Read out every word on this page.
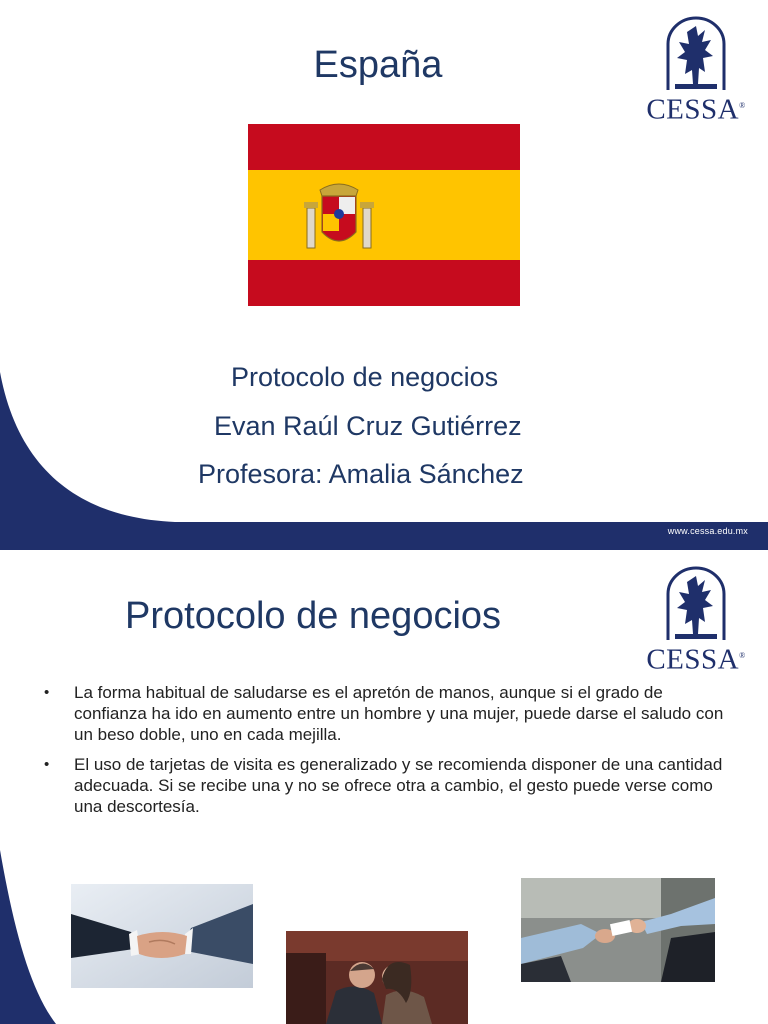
www.cessa.edu.mx
España
CESSA®
Protocolo de negocios
Evan Raúl Cruz Gutiérrez
Profesora: Amalia Sánchez
Protocolo de negocios
CESSA®
• La forma habitual de saludarse es el apretón de manos, aunque si el grado de confianza ha ido en aumento entre un hombre y una mujer, puede darse el saludo con un beso doble, uno en cada mejilla.
• El uso de tarjetas de visita es generalizado y se recomienda disponer de una cantidad adecuada. Si se recibe una y no se ofrece otra a cambio, el gesto puede verse como una descortesía.
